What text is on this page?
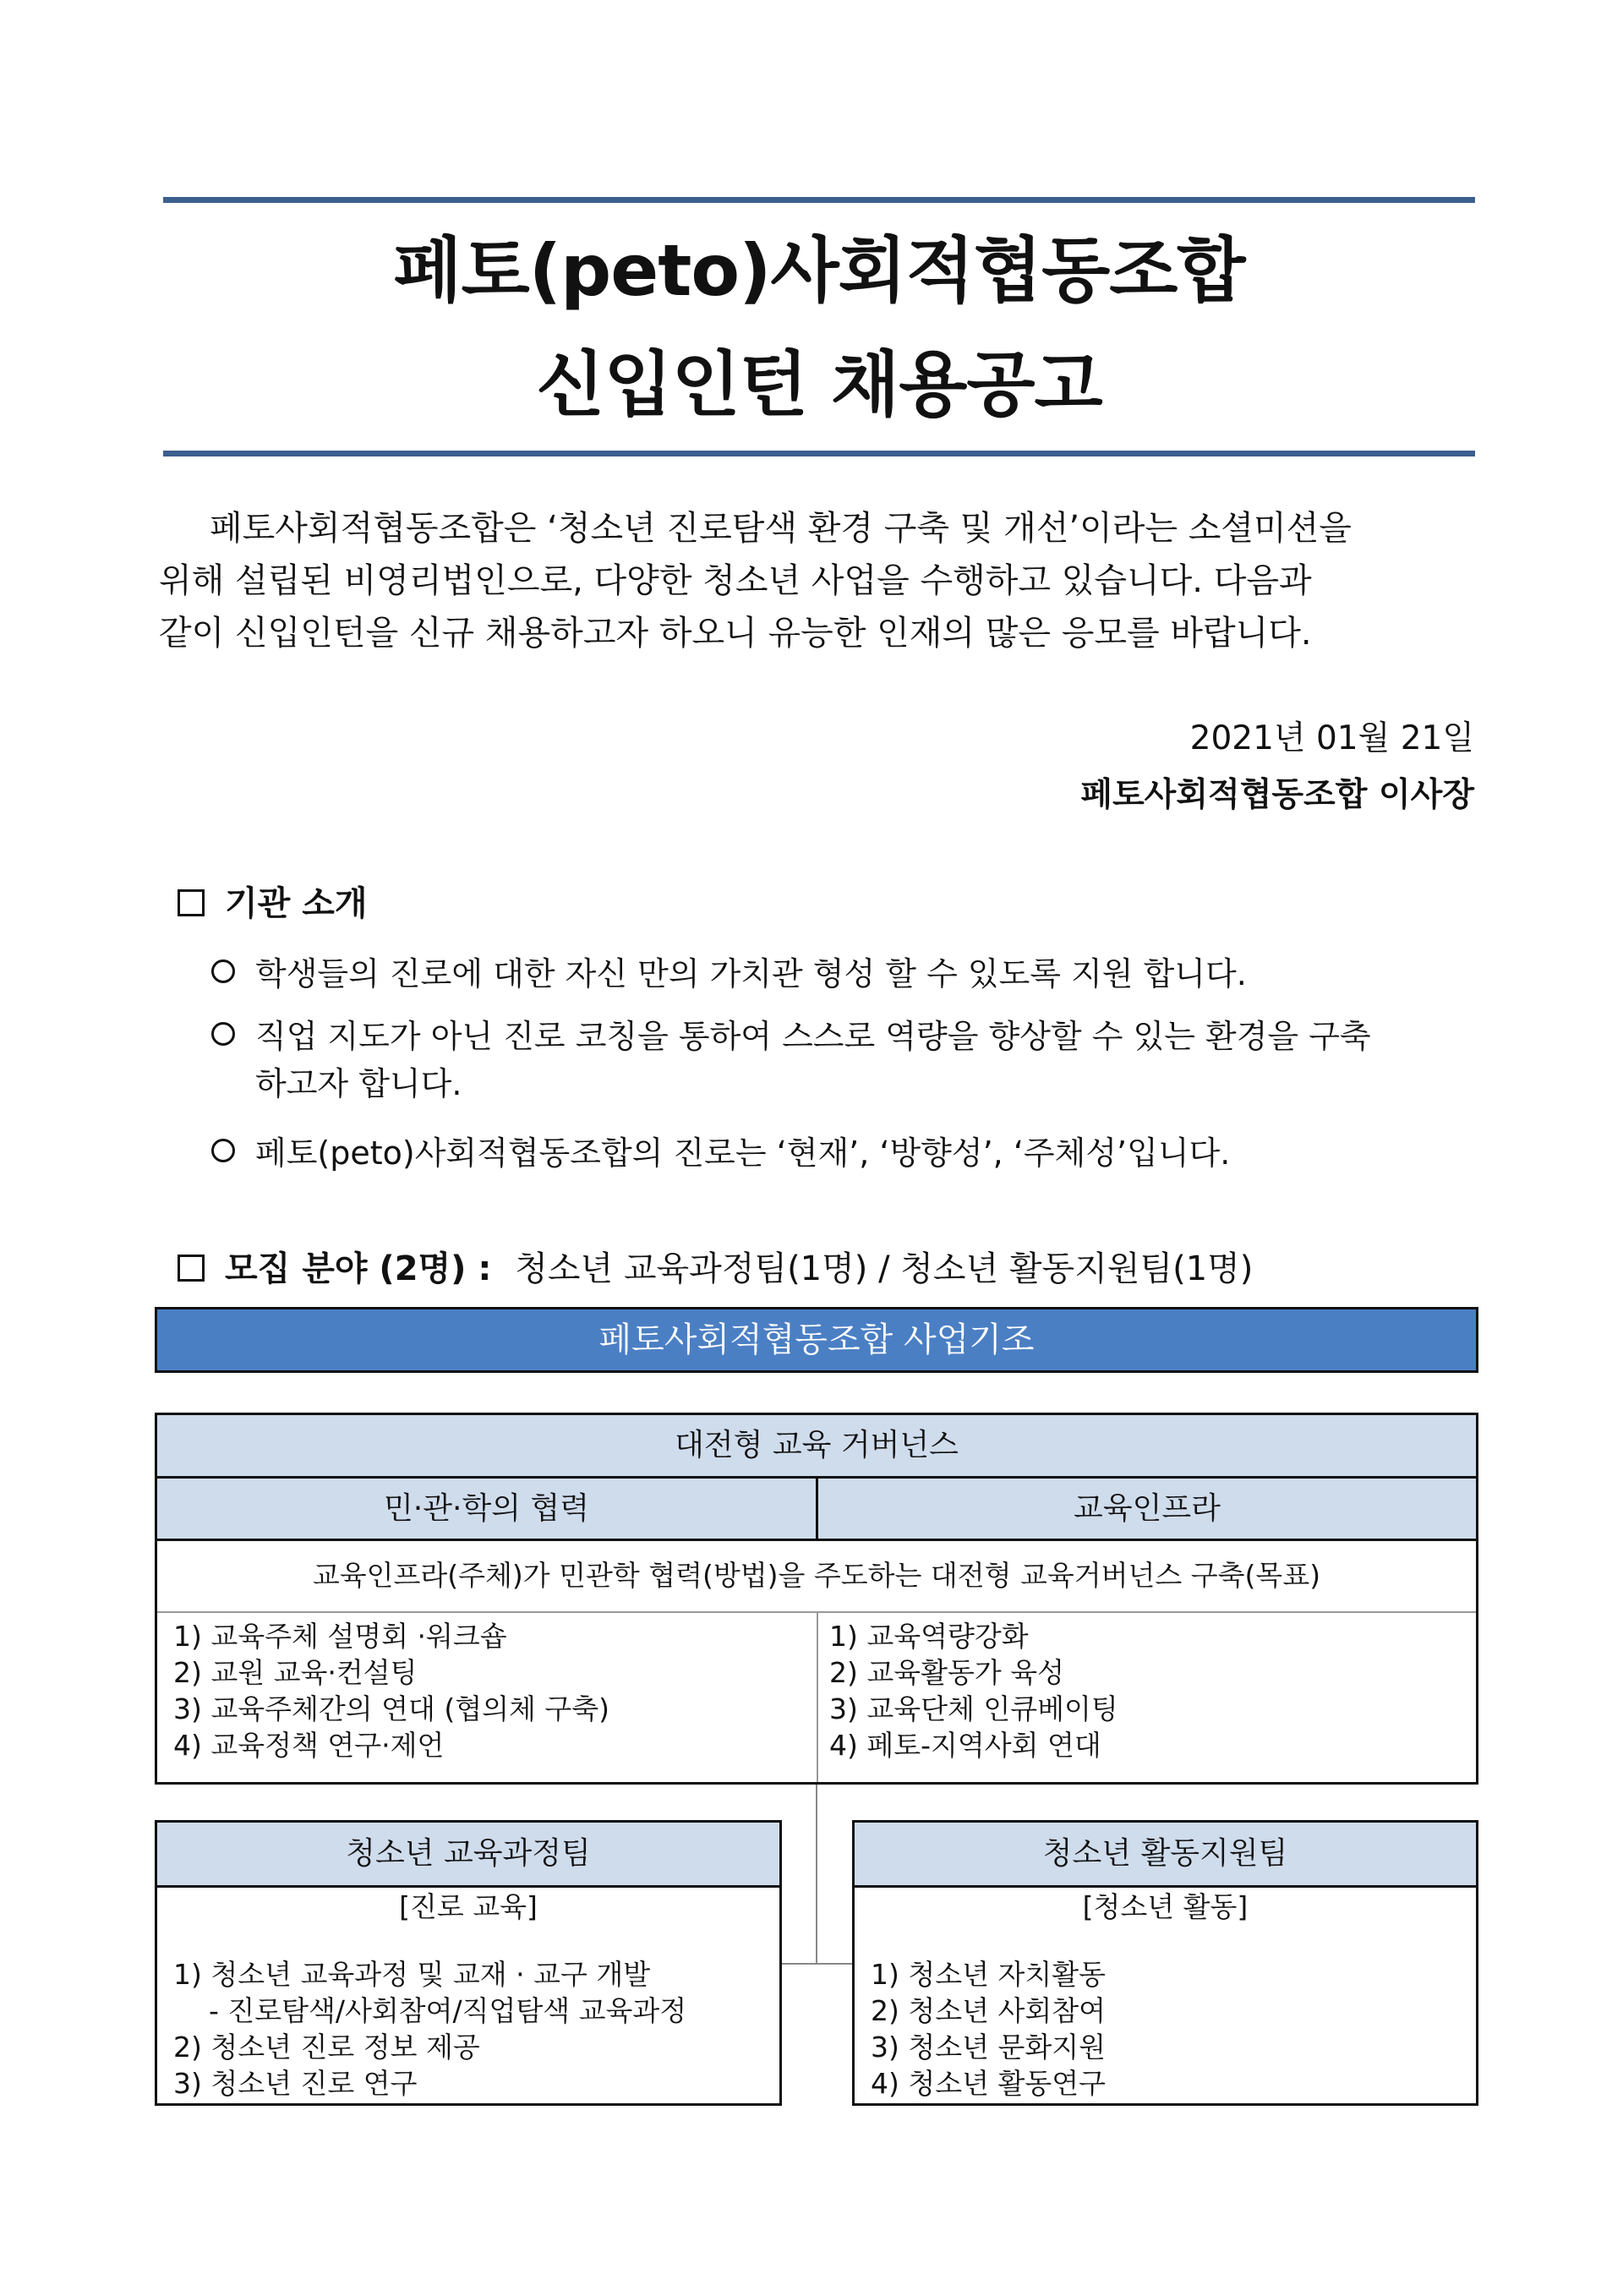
페토(peto)사회적협동조합
신입인턴 채용공고
페토사회적협동조합은 ‘청소년 진로탐색 환경 구축 및 개선’이라는 소셜미션을
위해 설립된 비영리법인으로, 다양한 청소년 사업을 수행하고 있습니다. 다음과
같이 신입인턴을 신규 채용하고자 하오니 유능한 인재의 많은 응모를 바랍니다.
2021년 01월 21일
페토사회적협동조합 이사장
기관 소개
학생들의 진로에 대한 자신 만의 가치관 형성 할 수 있도록 지원 합니다.
직업 지도가 아닌 진로 코칭을 통하여 스스로 역량을 향상할 수 있는 환경을 구축
하고자 합니다.
페토(peto)사회적협동조합의 진로는 ‘현재’, ‘방향성’, ‘주체성’입니다.
모집 분야 (2명) : 청소년 교육과정팀(1명) / 청소년 활동지원팀(1명)
페토사회적협동조합 사업기조
대전형 교육 거버넌스
민·관·학의 협력	교육인프라
교육인프라(주체)가 민관학 협력(방법)을 주도하는 대전형 교육거버넌스 구축(목표)
1) 교육주체 설명회 ·워크숍
2) 교원 교육·컨설팅
3) 교육주체간의 연대 (협의체 구축)
4) 교육정책 연구·제언
1) 교육역량강화
2) 교육활동가 육성
3) 교육단체 인큐베이팅
4) 페토-지역사회 연대
청소년 교육과정팀
[진로 교육]
1) 청소년 교육과정 및 교재 · 교구 개발
- 진로탐색/사회참여/직업탐색 교육과정
2) 청소년 진로 정보 제공
3) 청소년 진로 연구
청소년 활동지원팀
[청소년 활동]
1) 청소년 자치활동
2) 청소년 사회참여
3) 청소년 문화지원
4) 청소년 활동연구
